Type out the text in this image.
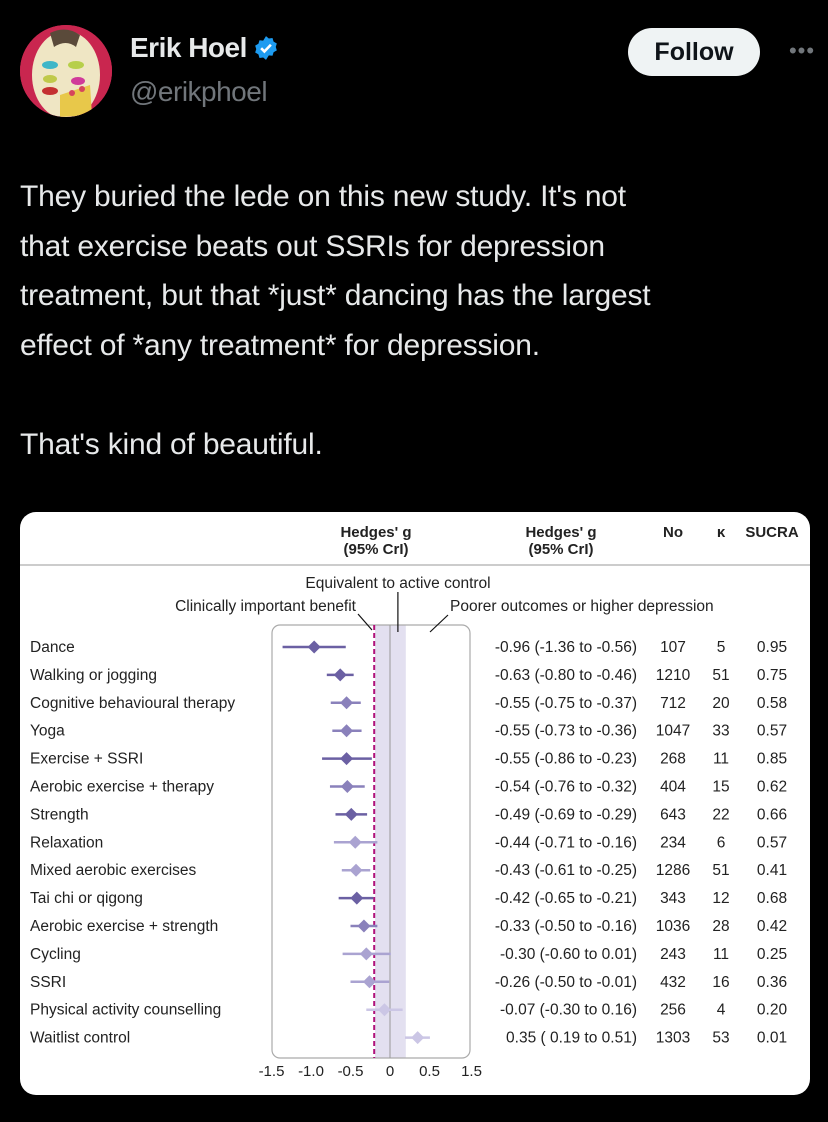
Erik Hoel
@erikphoel
Follow	•••
They buried the lede on this new study. It's not
that exercise beats out SSRIs for depression
treatment, but that *just* dancing has the largest
effect of *any treatment* for depression.

That's kind of beautiful.
Hedges' g
(95% CrI)
Hedges' g
(95% CrI)
No κ SUCRA
Equivalent to active control
Clinically important benefit	Poorer outcomes or higher depression
-1.5 -1.0 -0.5 0 0.5 1.5
Dance	-0.96 (-1.36 to -0.56) 107 5 0.95
Walking or jogging	-0.63 (-0.80 to -0.46) 1210 51 0.75
Cognitive behavioural therapy	-0.55 (-0.75 to -0.37) 712 20 0.58
Yoga	-0.55 (-0.73 to -0.36) 1047 33 0.57
Exercise + SSRI	-0.55 (-0.86 to -0.23) 268 11 0.85
Aerobic exercise + therapy	-0.54 (-0.76 to -0.32) 404 15 0.62
Strength	-0.49 (-0.69 to -0.29) 643 22 0.66
Relaxation	-0.44 (-0.71 to -0.16) 234 6 0.57
Mixed aerobic exercises	-0.43 (-0.61 to -0.25) 1286 51 0.41
Tai chi or qigong	-0.42 (-0.65 to -0.21) 343 12 0.68
Aerobic exercise + strength	-0.33 (-0.50 to -0.16) 1036 28 0.42
Cycling	-0.30 (-0.60 to 0.01) 243 11 0.25
SSRI	-0.26 (-0.50 to -0.01) 432 16 0.36
Physical activity counselling	-0.07 (-0.30 to 0.16) 256 4 0.20
Waitlist control	0.35 ( 0.19 to 0.51) 1303 53 0.01
